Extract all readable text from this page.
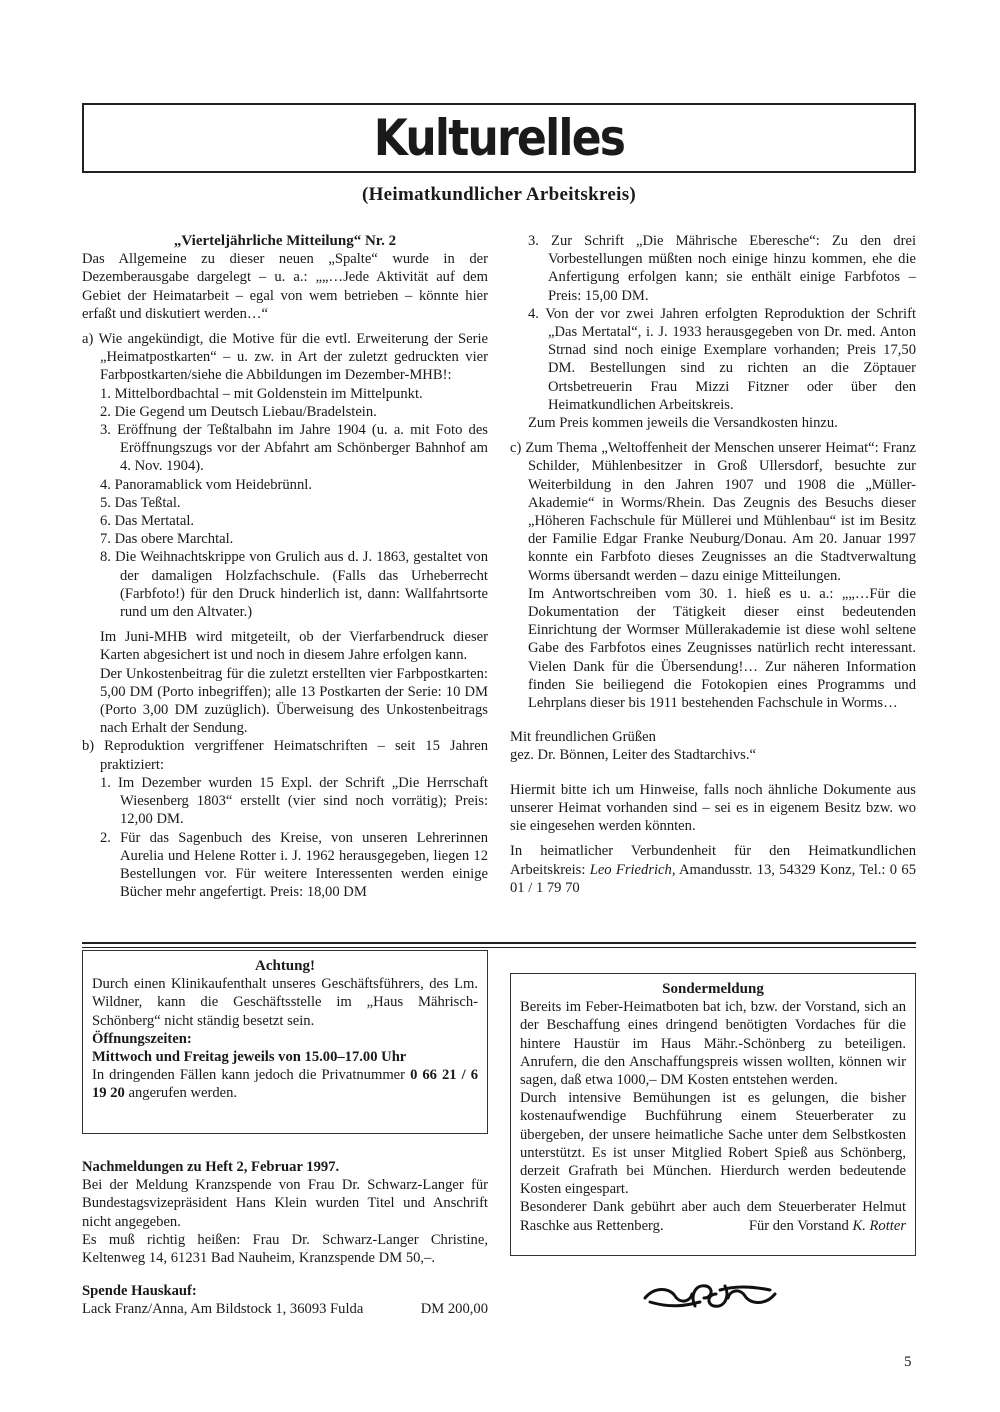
Kulturelles
(Heimatkundlicher Arbeitskreis)

„Vierteljährliche Mitteilung“ Nr. 2

Das Allgemeine zu dieser neuen „Spalte“ wurde in der Dezemberausgabe dargelegt – u. a.: „„…Jede Aktivität auf dem Gebiet der Heimatarbeit – egal von wem betrieben – könnte hier erfaßt und diskutiert werden…“

a) Wie angekündigt, die Motive für die evtl. Erweiterung der Serie „Heimatpostkarten“ – u. zw. in Art der zuletzt gedruckten vier Farbpostkarten/siehe die Abbildungen im Dezember-MHB!:

1. Mittelbordbachtal – mit Goldenstein im Mittelpunkt.

2. Die Gegend um Deutsch Liebau/Bradelstein.

3. Eröffnung der Teßtalbahn im Jahre 1904 (u. a. mit Foto des Eröffnungszugs vor der Abfahrt am Schönberger Bahnhof am 4. Nov. 1904).

4. Panoramablick vom Heidebrünnl.

5. Das Teßtal.

6. Das Mertatal.

7. Das obere Marchtal.

8. Die Weihnachtskrippe von Grulich aus d. J. 1863, gestaltet von der damaligen Holzfachschule. (Falls das Urheberrecht (Farbfoto!) für den Druck hinderlich ist, dann: Wallfahrtsorte rund um den Altvater.)

Im Juni-MHB wird mitgeteilt, ob der Vierfarbendruck dieser Karten abgesichert ist und noch in diesem Jahre erfolgen kann.

Der Unkostenbeitrag für die zuletzt erstellten vier Farbpostkarten: 5,00 DM (Porto inbegriffen); alle 13 Postkarten der Serie: 10 DM (Porto 3,00 DM zuzüglich). Überweisung des Unkostenbeitrags nach Erhalt der Sendung.

b) Reproduktion vergriffener Heimatschriften – seit 15 Jahren praktiziert:

1. Im Dezember wurden 15 Expl. der Schrift „Die Herrschaft Wiesenberg 1803“ erstellt (vier sind noch vorrätig); Preis: 12,00 DM.

2. Für das Sagenbuch des Kreise, von unseren Lehrerinnen Aurelia und Helene Rotter i. J. 1962 herausgegeben, liegen 12 Bestellungen vor. Für weitere Interessenten werden einige Bücher mehr angefertigt. Preis: 18,00 DM

3. Zur Schrift „Die Mährische Eberesche“: Zu den drei Vorbestellungen müßten noch einige hinzu kommen, ehe die Anfertigung erfolgen kann; sie enthält einige Farbfotos – Preis: 15,00 DM.

4. Von der vor zwei Jahren erfolgten Reproduktion der Schrift „Das Mertatal“, i. J. 1933 herausgegeben von Dr. med. Anton Strnad sind noch einige Exemplare vorhanden; Preis 17,50 DM. Bestellungen sind zu richten an die Zöptauer Ortsbetreuerin Frau Mizzi Fitzner oder über den Heimatkundlichen Arbeitskreis.

Zum Preis kommen jeweils die Versandkosten hinzu.

c) Zum Thema „Weltoffenheit der Menschen unserer Heimat“: Franz Schilder, Mühlenbesitzer in Groß Ullersdorf, besuchte zur Weiterbildung in den Jahren 1907 und 1908 die „Müller-Akademie“ in Worms/Rhein. Das Zeugnis des Besuchs dieser „Höheren Fachschule für Müllerei und Mühlenbau“ ist im Besitz der Familie Edgar Franke Neuburg/Donau. Am 20. Januar 1997 konnte ein Farbfoto dieses Zeugnisses an die Stadtverwaltung Worms übersandt werden – dazu einige Mitteilungen.

Im Antwortschreiben vom 30. 1. hieß es u. a.: „„…Für die Dokumentation der Tätigkeit dieser einst bedeutenden Einrichtung der Wormser Müllerakademie ist diese wohl seltene Gabe des Farbfotos eines Zeugnisses natürlich recht interessant. Vielen Dank für die Übersendung!… Zur näheren Information finden Sie beiliegend die Fotokopien eines Programms und Lehrplans dieser bis 1911 bestehenden Fachschule in Worms…

Mit freundlichen Grüßen

gez. Dr. Bönnen, Leiter des Stadtarchivs.“

Hiermit bitte ich um Hinweise, falls noch ähnliche Dokumente aus unserer Heimat vorhanden sind – sei es in eigenem Besitz bzw. wo sie eingesehen werden könnten.

In heimatlicher Verbundenheit für den Heimatkundlichen Arbeitskreis: Leo Friedrich, Amandusstr. 13, 54329 Konz, Tel.: 0 65 01 / 1 79 70

Achtung!

Durch einen Klinikaufenthalt unseres Geschäftsführers, des Lm. Wildner, kann die Geschäftsstelle im „Haus Mährisch-Schönberg“ nicht ständig besetzt sein.

Öffnungszeiten:

Mittwoch und Freitag jeweils von 15.00–17.00 Uhr

In dringenden Fällen kann jedoch die Privatnummer 0 66 21 / 6 19 20 angerufen werden.

Sondermeldung

Bereits im Feber-Heimatboten bat ich, bzw. der Vorstand, sich an der Beschaffung eines dringend benötigten Vordaches für die hintere Haustür im Haus Mähr.-Schönberg zu beteiligen. Anrufern, die den Anschaffungspreis wissen wollten, können wir sagen, daß etwa 1000,– DM Kosten entstehen werden.

Durch intensive Bemühungen ist es gelungen, die bisher kostenaufwendige Buchführung einem Steuerberater zu übergeben, der unsere heimatliche Sache unter dem Selbstkosten unterstützt. Es ist unser Mitglied Robert Spieß aus Schönberg, derzeit Grafrath bei München. Hierdurch werden bedeutende Kosten eingespart.

Besonderer Dank gebührt aber auch dem Steuerberater Helmut Raschke aus Rettenberg.	Für den Vorstand K. Rotter

Nachmeldungen zu Heft 2, Februar 1997.

Bei der Meldung Kranzspende von Frau Dr. Schwarz-Langer für Bundestagsvizepräsident Hans Klein wurden Titel und Anschrift nicht angegeben.

Es muß richtig heißen: Frau Dr. Schwarz-Langer Christine, Keltenweg 14, 61231 Bad Nauheim, Kranzspende DM 50,–.

Spende Hauskauf:

Lack Franz/Anna, Am Bildstock 1, 36093 Fulda	DM 200,00

5
